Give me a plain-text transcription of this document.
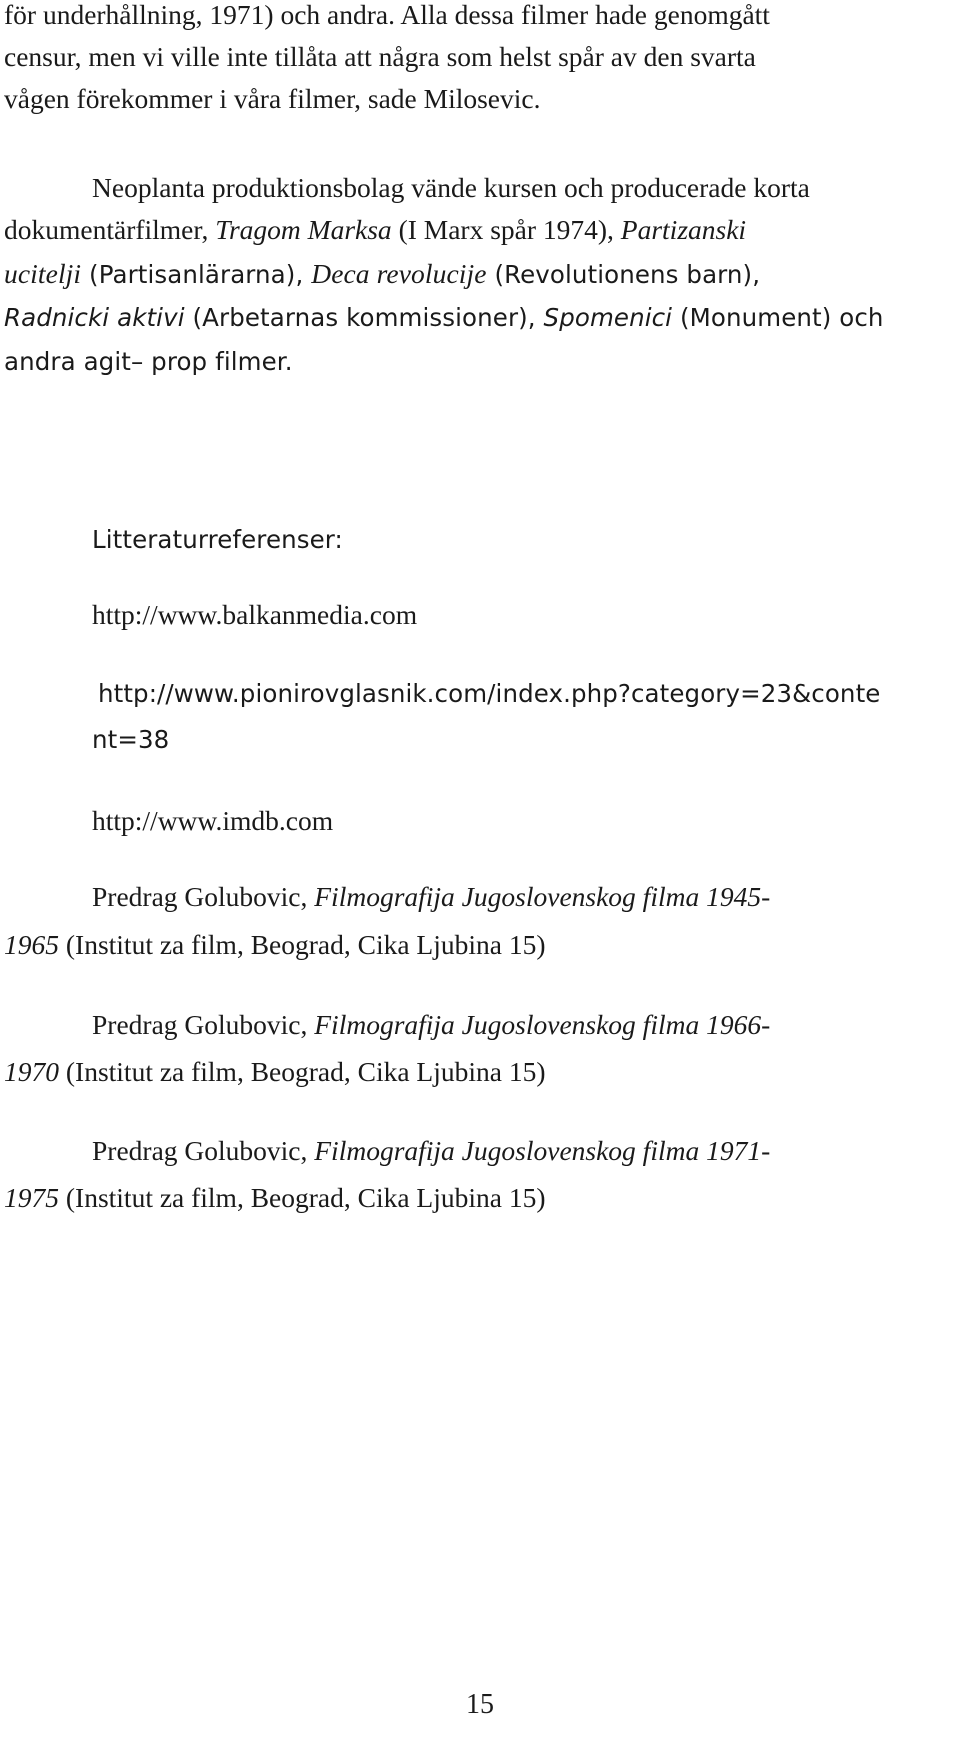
för underhållning, 1971) och andra. Alla dessa filmer hade genomgått
censur, men vi ville inte tillåta att några som helst spår av den svarta
vågen förekommer i våra filmer, sade Milosevic.
Neoplanta produktionsbolag vände kursen och producerade korta
dokumentärfilmer, Tragom Marksa (I Marx spår 1974), Partizanski
ucitelji (Partisanlärarna), Deca revolucije (Revolutionens barn),
Radnicki aktivi (Arbetarnas kommissioner), Spomenici (Monument) och
andra agit– prop filmer.
Litteraturreferenser:
http://www.balkanmedia.com
http://www.pionirovglasnik.com/index.php?category=23&conte
nt=38
http://www.imdb.com
Predrag Golubovic, Filmografija Jugoslovenskog filma 1945-
1965 (Institut za film, Beograd, Cika Ljubina 15)
Predrag Golubovic, Filmografija Jugoslovenskog filma 1966-
1970 (Institut za film, Beograd, Cika Ljubina 15)
Predrag Golubovic, Filmografija Jugoslovenskog filma 1971-
1975 (Institut za film, Beograd, Cika Ljubina 15)
15
